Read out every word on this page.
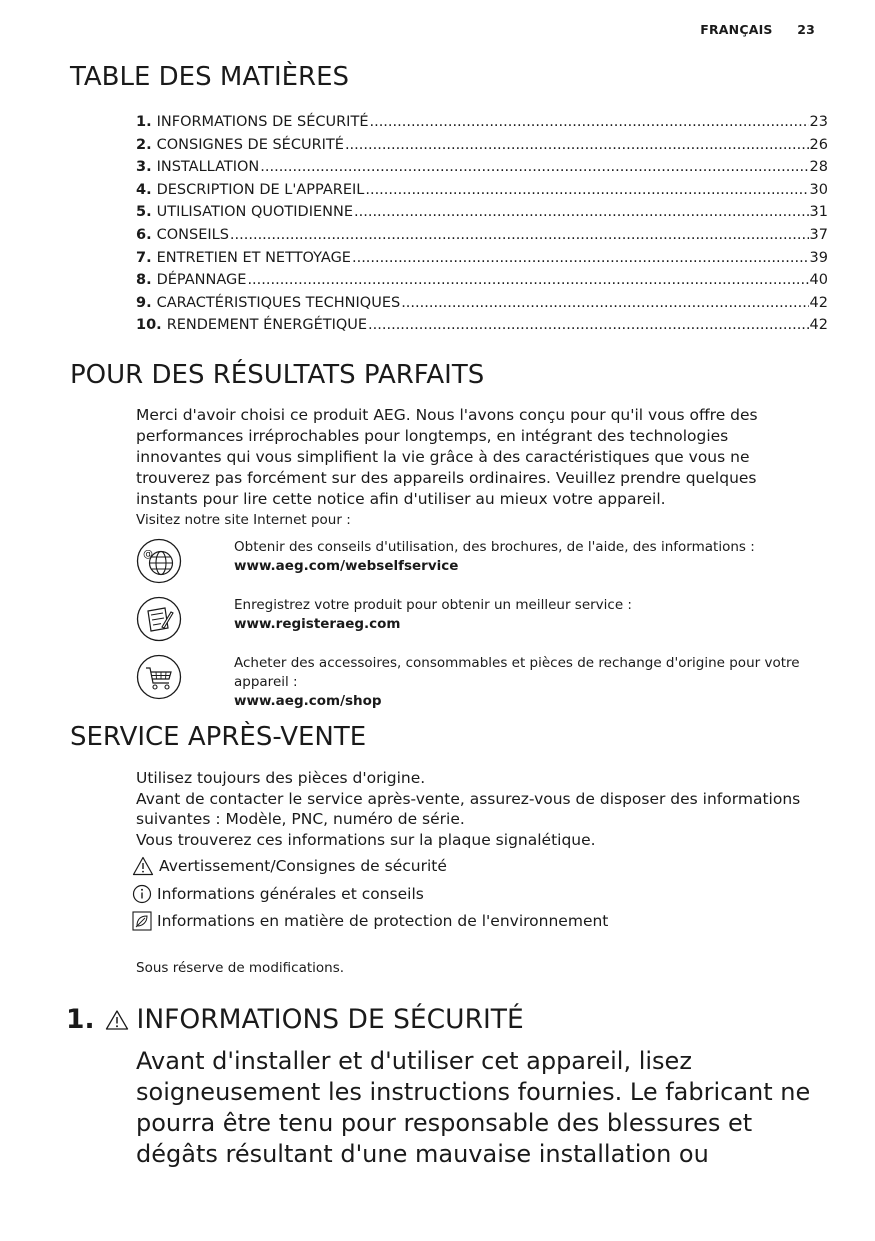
FRANÇAIS 23
TABLE DES MATIÈRES
1. INFORMATIONS DE SÉCURITÉ .....	23
2. CONSIGNES DE SÉCURITÉ .....	26
3. INSTALLATION .....	28
4. DESCRIPTION DE L'APPAREIL .....	30
5. UTILISATION QUOTIDIENNE .....	31
6. CONSEILS .....	37
7. ENTRETIEN ET NETTOYAGE .....	39
8. DÉPANNAGE .....	40
9. CARACTÉRISTIQUES TECHNIQUES .....	42
10. RENDEMENT ÉNERGÉTIQUE .....	42
POUR DES RÉSULTATS PARFAITS

Merci d'avoir choisi ce produit AEG. Nous l'avons conçu pour qu'il vous offre des performances irréprochables pour longtemps, en intégrant des technologies innovantes qui vous simplifient la vie grâce à des caractéristiques que vous ne trouverez pas forcément sur des appareils ordinaires. Veuillez prendre quelques instants pour lire cette notice afin d'utiliser au mieux votre appareil.

Visitez notre site Internet pour :
@	Obtenir des conseils d'utilisation, des brochures, de l'aide, des informations :
www.aeg.com/webselfservice
Enregistrez votre produit pour obtenir un meilleur service :
www.registeraeg.com
Acheter des accessoires, consommables et pièces de rechange d'origine pour votre appareil :
www.aeg.com/shop
SERVICE APRÈS-VENTE
Utilisez toujours des pièces d'origine.
Avant de contacter le service après-vente, assurez-vous de disposer des informations suivantes : Modèle, PNC, numéro de série.
Vous trouverez ces informations sur la plaque signalétique.
Avertissement/Consignes de sécurité
Informations générales et conseils
Informations en matière de protection de l'environnement
Sous réserve de modifications.
1. INFORMATIONS DE SÉCURITÉ

Avant d'installer et d'utiliser cet appareil, lisez soigneusement les instructions fournies. Le fabricant ne pourra être tenu pour responsable des blessures et dégâts résultant d'une mauvaise installation ou
